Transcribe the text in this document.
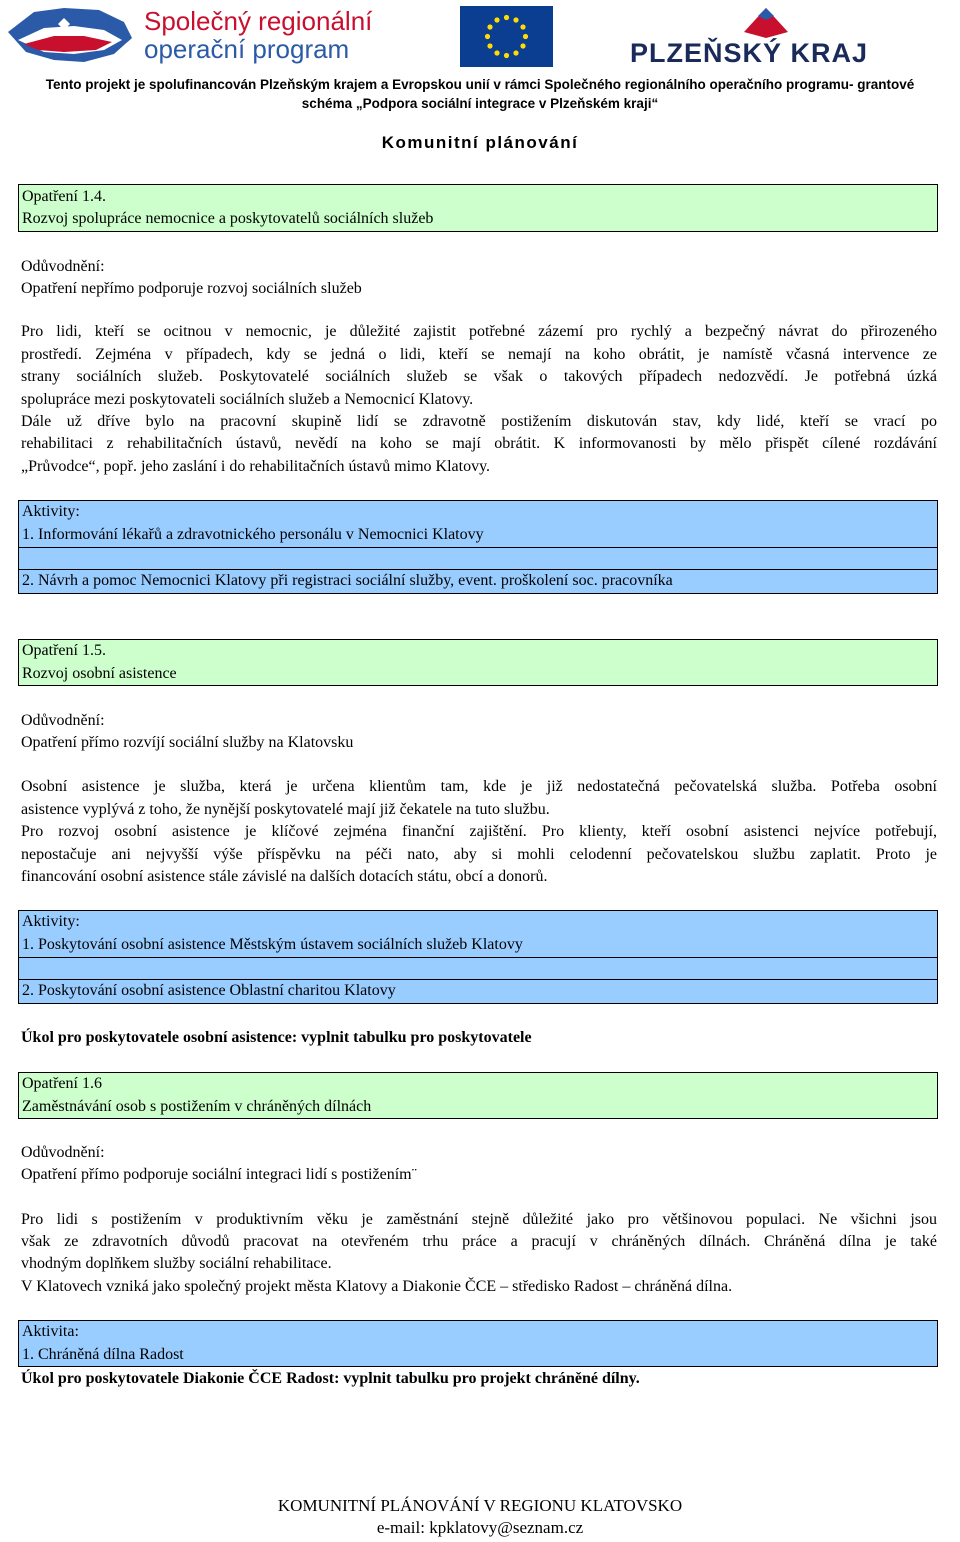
Společný regionální
operační program	PLZEŇSKÝ KRAJ
Tento projekt je spolufinancován Plzeňským krajem a Evropskou unií v rámci Společného regionálního operačního programu- grantové
schéma „Podpora sociální integrace v Plzeňském kraji“
Komunitní plánování
Opatření 1.4.
Rozvoj spolupráce nemocnice a poskytovatelů sociálních služeb
Odůvodnění:
Opatření nepřímo podporuje rozvoj sociálních služeb
Pro lidi, kteří se ocitnou v nemocnic, je důležité zajistit potřebné zázemí pro rychlý a bezpečný návrat do přirozeného
prostředí. Zejména v případech, kdy se jedná o lidi, kteří se nemají na koho obrátit, je namístě včasná intervence ze
strany sociálních služeb. Poskytovatelé sociálních služeb se však o takových případech nedozvědí. Je potřebná úzká
spolupráce mezi poskytovateli sociálních služeb a Nemocnicí Klatovy.
Dále už dříve bylo na pracovní skupině lidí se zdravotně postižením diskutován stav, kdy lidé, kteří se vrací po
rehabilitaci z rehabilitačních ústavů, nevědí na koho se mají obrátit. K informovanosti by mělo přispět cílené rozdávání
„Průvodce“, popř. jeho zaslání i do rehabilitačních ústavů mimo Klatovy.
Aktivity:
1. Informování lékařů a zdravotnického personálu v Nemocnici Klatovy
2. Návrh a pomoc Nemocnici Klatovy při registraci sociální služby, event. proškolení soc. pracovníka
Opatření 1.5.
Rozvoj osobní asistence
Odůvodnění:
Opatření přímo rozvíjí sociální služby na Klatovsku
Osobní asistence je služba, která je určena klientům tam, kde je již nedostatečná pečovatelská služba. Potřeba osobní
asistence vyplývá z toho, že nynější poskytovatelé mají již čekatele na tuto službu.
Pro rozvoj osobní asistence je klíčové zejména finanční zajištění. Pro klienty, kteří osobní asistenci nejvíce potřebují,
nepostačuje ani nejvyšší výše příspěvku na péči nato, aby si mohli celodenní pečovatelskou službu zaplatit. Proto je
financování osobní asistence stále závislé na dalších dotacích státu, obcí a donorů.
Aktivity:
1. Poskytování osobní asistence Městským ústavem sociálních služeb Klatovy
2. Poskytování osobní asistence Oblastní charitou Klatovy
Úkol pro poskytovatele osobní asistence: vyplnit tabulku pro poskytovatele
Opatření 1.6
Zaměstnávání osob s postižením v chráněných dílnách
Odůvodnění:
Opatření přímo podporuje sociální integraci lidí s postižením¨
Pro lidi s postižením v produktivním věku je zaměstnání stejně důležité jako pro většinovou populaci. Ne všichni jsou
však ze zdravotních důvodů pracovat na otevřeném trhu práce a pracují v chráněných dílnách. Chráněná dílna je také
vhodným doplňkem služby sociální rehabilitace.
V Klatovech vzniká jako společný projekt města Klatovy a Diakonie ČCE – středisko Radost – chráněná dílna.
Aktivita:
1. Chráněná dílna Radost
Úkol pro poskytovatele Diakonie ČCE Radost: vyplnit tabulku pro projekt chráněné dílny.
KOMUNITNÍ PLÁNOVÁNÍ V REGIONU KLATOVSKO
e-mail: kpklatovy@seznam.cz
